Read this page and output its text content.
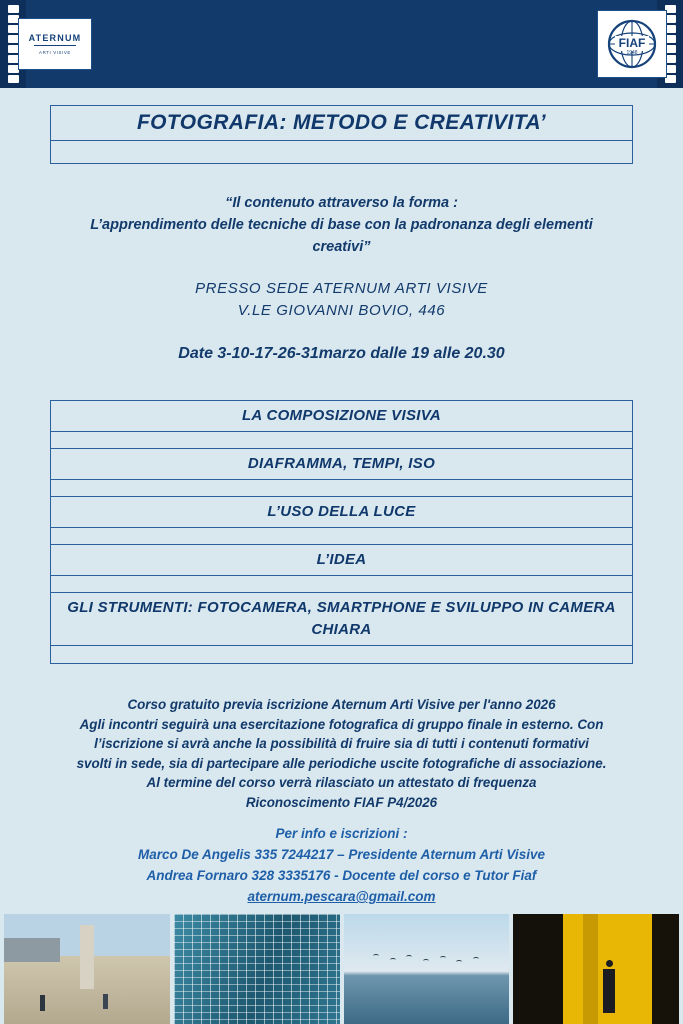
ATERNUM
ARTI VISIVE
FIAF
1948
FOTOGRAFIA: METODO E CREATIVITA’
“Il contenuto attraverso la forma :
L’apprendimento delle tecniche di base con la padronanza degli elementi
creativi”
PRESSO SEDE ATERNUM ARTI VISIVE
V.LE GIOVANNI BOVIO, 446
Date 3-10-17-26-31marzo dalle 19 alle 20.30
LA COMPOSIZIONE VISIVA
DIAFRAMMA, TEMPI, ISO
L’USO DELLA LUCE
L’IDEA
GLI STRUMENTI: FOTOCAMERA, SMARTPHONE E SVILUPPO IN CAMERA CHIARA
Corso gratuito previa iscrizione Aternum Arti Visive per l'anno 2026
Agli incontri seguirà una esercitazione fotografica di gruppo finale in esterno. Con
l’iscrizione si avrà anche la possibilità di fruire sia di tutti i contenuti formativi
svolti in sede, sia di partecipare alle periodiche uscite fotografiche di associazione.
Al termine del corso verrà rilasciato un attestato di frequenza
Riconoscimento FIAF P4/2026
Per info e iscrizioni :
Marco De Angelis 335 7244217 – Presidente Aternum Arti Visive
Andrea Fornaro 328 3335176 - Docente del corso e Tutor Fiaf
aternum.pescara@gmail.com
